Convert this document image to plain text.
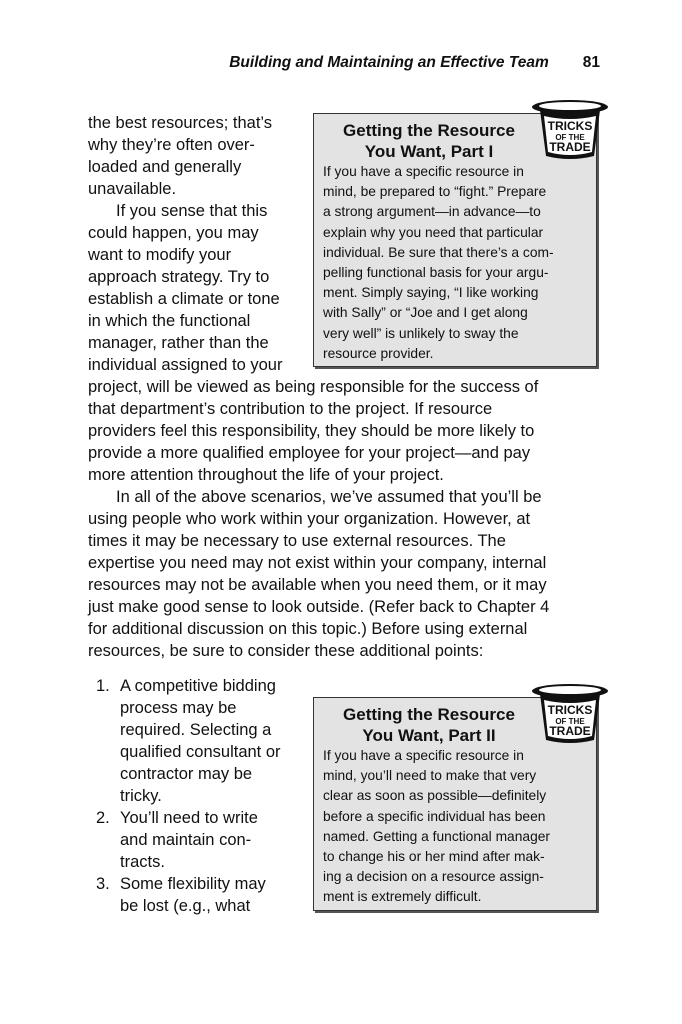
Building and Maintaining an Effective Team 81
the best resources; that’s
why they’re often over-
loaded and generally
unavailable.
If you sense that this
could happen, you may
want to modify your
approach strategy. Try to
establish a climate or tone
in which the functional
manager, rather than the
individual assigned to your
project, will be viewed as being responsible for the success of
that department’s contribution to the project. If resource
providers feel this responsibility, they should be more likely to
provide a more qualified employee for your project—and pay
more attention throughout the life of your project.
In all of the above scenarios, we’ve assumed that you’ll be
using people who work within your organization. However, at
times it may be necessary to use external resources. The
expertise you need may not exist within your company, internal
resources may not be available when you need them, or it may
just make good sense to look outside. (Refer back to Chapter 4
for additional discussion on this topic.) Before using external
resources, be sure to consider these additional points:
Getting the Resource
You Want, Part I
If you have a specific resource in
mind, be prepared to “fight.” Prepare
a strong argument—in advance—to
explain why you need that particular
individual. Be sure that there’s a com-
pelling functional basis for your argu-
ment. Simply saying, “I like working
with Sally” or “Joe and I get along
very well” is unlikely to sway the
resource provider.
TRICKS
OF THE
TRADE
1. A competitive bidding
process may be
required. Selecting a
qualified consultant or
contractor may be
tricky.
2. You’ll need to write
and maintain con-
tracts.
3. Some flexibility may
be lost (e.g., what
Getting the Resource
You Want, Part II
If you have a specific resource in
mind, you’ll need to make that very
clear as soon as possible—definitely
before a specific individual has been
named. Getting a functional manager
to change his or her mind after mak-
ing a decision on a resource assign-
ment is extremely difficult.
TRICKS
OF THE
TRADE
